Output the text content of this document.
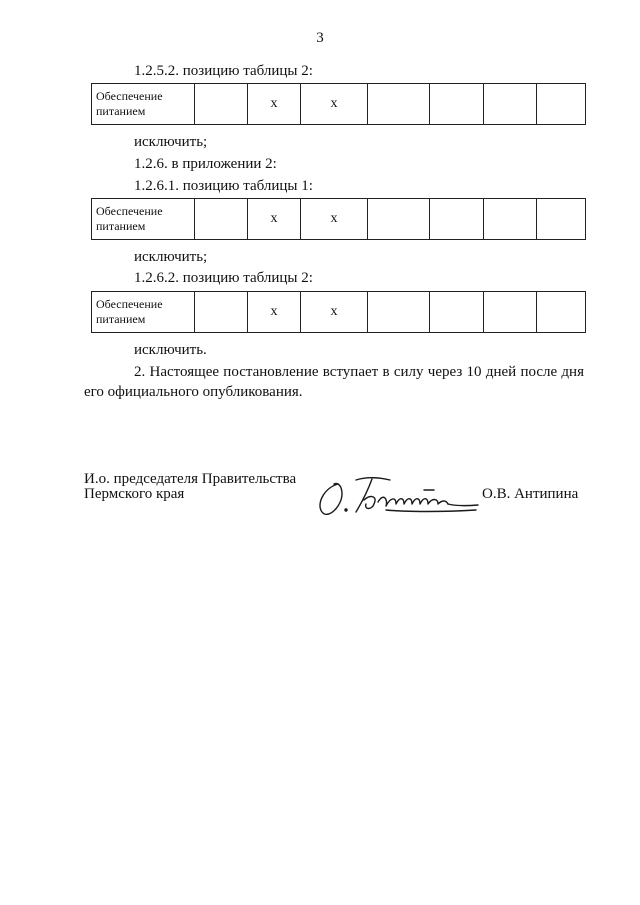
3
1.2.5.2. позицию таблицы 2:
Обеспечение питанием		х	х				
исключить;
1.2.6. в приложении 2:
1.2.6.1. позицию таблицы 1:
Обеспечение питанием		х	х				
исключить;
1.2.6.2. позицию таблицы 2:
Обеспечение питанием		х	х				
исключить.
2. Настоящее постановление вступает в силу через 10 дней после дня его официального опубликования.
И.о. председателя Правительства
Пермского края	О.В. Антипина
